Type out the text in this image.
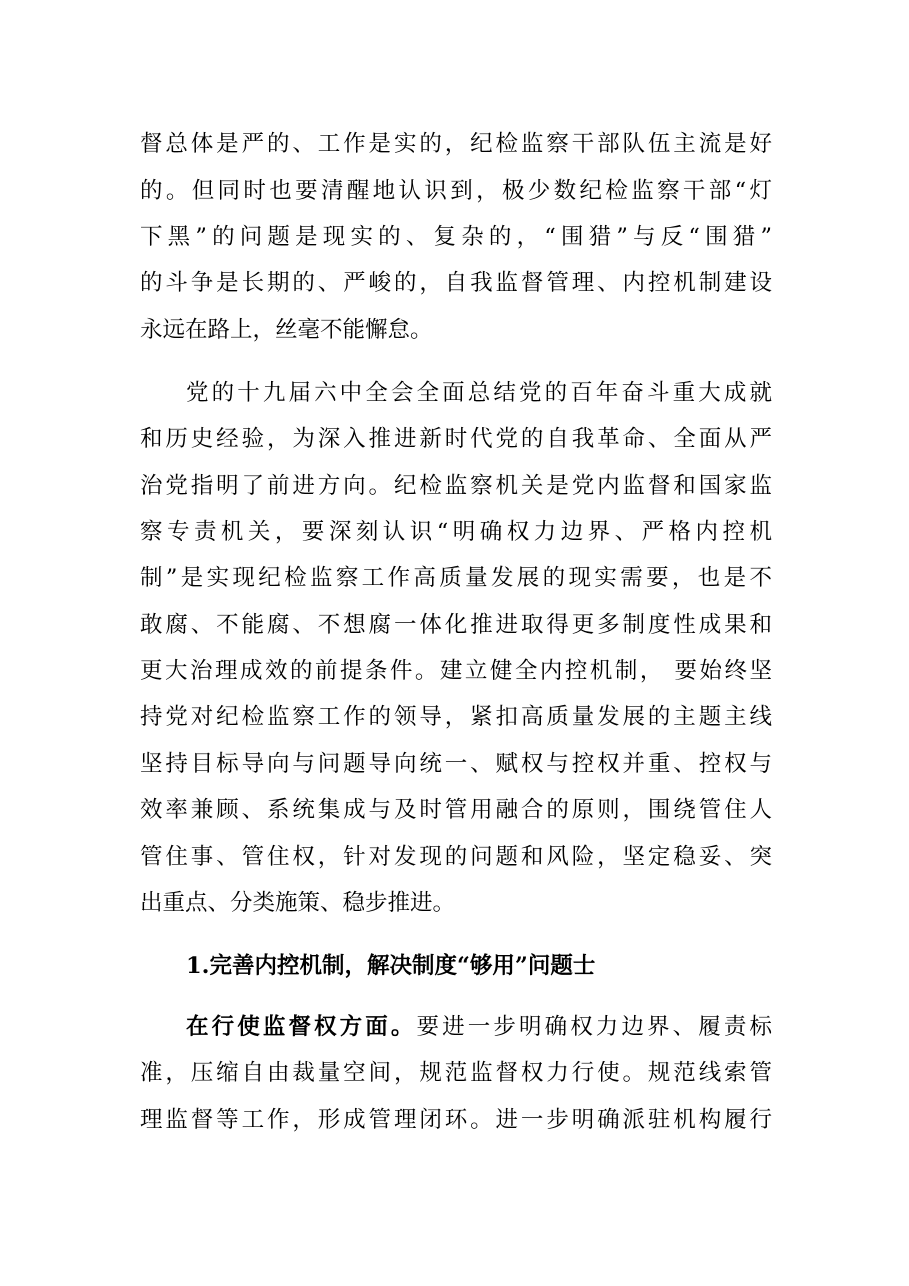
督总体是严的、工作是实的，纪检监察干部队伍主流是好
的。但同时也要清醒地认识到，极少数纪检监察干部“灯
下黑”的问题是现实的、复杂的，“围猎”与反“围猎”
的斗争是长期的、严峻的，自我监督管理、内控机制建设
永远在路上，丝毫不能懈怠。
党的十九届六中全会全面总结党的百年奋斗重大成就
和历史经验，为深入推进新时代党的自我革命、全面从严
治党指明了前进方向。纪检监察机关是党内监督和国家监
察专责机关，要深刻认识“明确权力边界、严格内控机
制”是实现纪检监察工作高质量发展的现实需要，也是不
敢腐、不能腐、不想腐一体化推进取得更多制度性成果和
更大治理成效的前提条件。建立健全内控机制， 要始终坚
持党对纪检监察工作的领导，紧扣高质量发展的主题主线
坚持目标导向与问题导向统一、赋权与控权并重、控权与
效率兼顾、系统集成与及时管用融合的原则，围绕管住人
管住事、管住权，针对发现的问题和风险，坚定稳妥、突
出重点、分类施策、稳步推进。
1.完善内控机制，解决制度“够用”问题士
在行使监督权方面。要进一步明确权力边界、履责标
准，压缩自由裁量空间，规范监督权力行使。规范线索管
理监督等工作，形成管理闭环。进一步明确派驻机构履行
